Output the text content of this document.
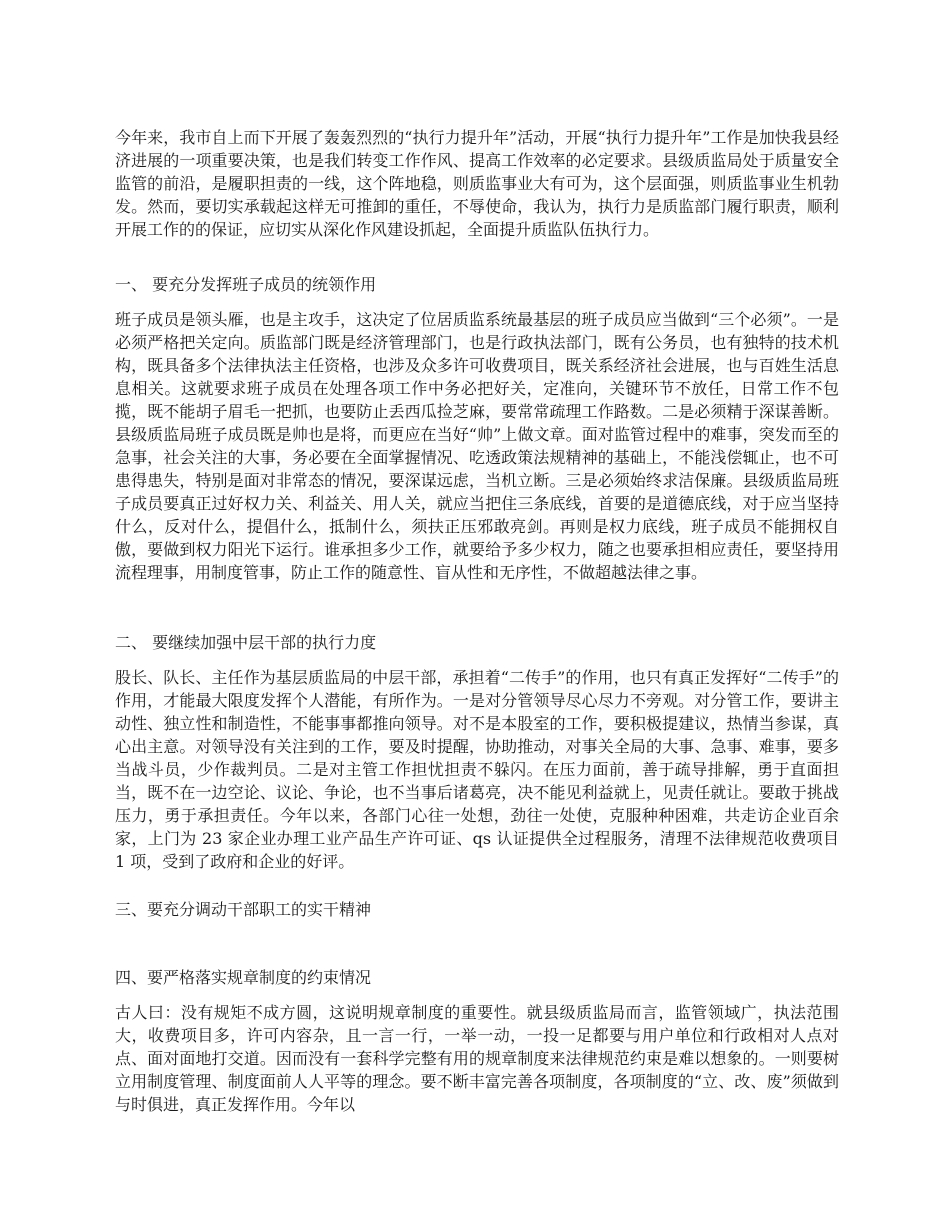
今年来，我市自上而下开展了轰轰烈烈的“执行力提升年”活动，开展“执行力提升年”工作是加快我县经济进展的一项重要决策，也是我们转变工作作风、提高工作效率的必定要求。县级质监局处于质量安全监管的前沿，是履职担责的一线，这个阵地稳，则质监事业大有可为，这个层面强，则质监事业生机勃发。然而，要切实承载起这样无可推卸的重任，不辱使命，我认为，执行力是质监部门履行职责，顺利开展工作的的保证，应切实从深化作风建设抓起，全面提升质监队伍执行力。

一、 要充分发挥班子成员的统领作用

班子成员是领头雁，也是主攻手，这决定了位居质监系统最基层的班子成员应当做到“三个必须”。一是必须严格把关定向。质监部门既是经济管理部门，也是行政执法部门，既有公务员，也有独特的技术机构，既具备多个法律执法主任资格，也涉及众多许可收费项目，既关系经济社会进展，也与百姓生活息息相关。这就要求班子成员在处理各项工作中务必把好关，定准向，关键环节不放任，日常工作不包揽，既不能胡子眉毛一把抓，也要防止丢西瓜捡芝麻，要常常疏理工作路数。二是必须精于深谋善断。县级质监局班子成员既是帅也是将，而更应在当好“帅”上做文章。面对监管过程中的难事，突发而至的急事，社会关注的大事，务必要在全面掌握情况、吃透政策法规精神的基础上，不能浅偿辄止，也不可患得患失，特别是面对非常态的情况，要深谋远虑，当机立断。三是必须始终求洁保廉。县级质监局班子成员要真正过好权力关、利益关、用人关，就应当把住三条底线，首要的是道德底线，对于应当坚持什么，反对什么，提倡什么，抵制什么，须扶正压邪敢亮剑。再则是权力底线，班子成员不能拥权自傲，要做到权力阳光下运行。谁承担多少工作，就要给予多少权力，随之也要承担相应责任，要坚持用流程理事，用制度管事，防止工作的随意性、盲从性和无序性，不做超越法律之事。

二、 要继续加强中层干部的执行力度

股长、队长、主任作为基层质监局的中层干部，承担着“二传手”的作用，也只有真正发挥好“二传手”的作用，才能最大限度发挥个人潜能，有所作为。一是对分管领导尽心尽力不旁观。对分管工作，要讲主动性、独立性和制造性，不能事事都推向领导。对不是本股室的工作，要积极提建议，热情当参谋，真心出主意。对领导没有关注到的工作，要及时提醒，协助推动，对事关全局的大事、急事、难事，要多当战斗员，少作裁判员。二是对主管工作担忧担责不躲闪。在压力面前，善于疏导排解，勇于直面担当，既不在一边空论、议论、争论，也不当事后诸葛亮，决不能见利益就上，见责任就让。要敢于挑战压力，勇于承担责任。今年以来，各部门心往一处想，劲往一处使，克服种种困难，共走访企业百余家，上门为 23 家企业办理工业产品生产许可证、qs 认证提供全过程服务，清理不法律规范收费项目 1 项，受到了政府和企业的好评。

三、要充分调动干部职工的实干精神

四、要严格落实规章制度的约束情况

古人曰：没有规矩不成方圆，这说明规章制度的重要性。就县级质监局而言，监管领域广，执法范围大，收费项目多，许可内容杂，且一言一行，一举一动，一投一足都要与用户单位和行政相对人点对点、面对面地打交道。因而没有一套科学完整有用的规章制度来法律规范约束是难以想象的。一则要树立用制度管理、制度面前人人平等的理念。要不断丰富完善各项制度，各项制度的“立、改、废”须做到与时俱进，真正发挥作用。今年以
